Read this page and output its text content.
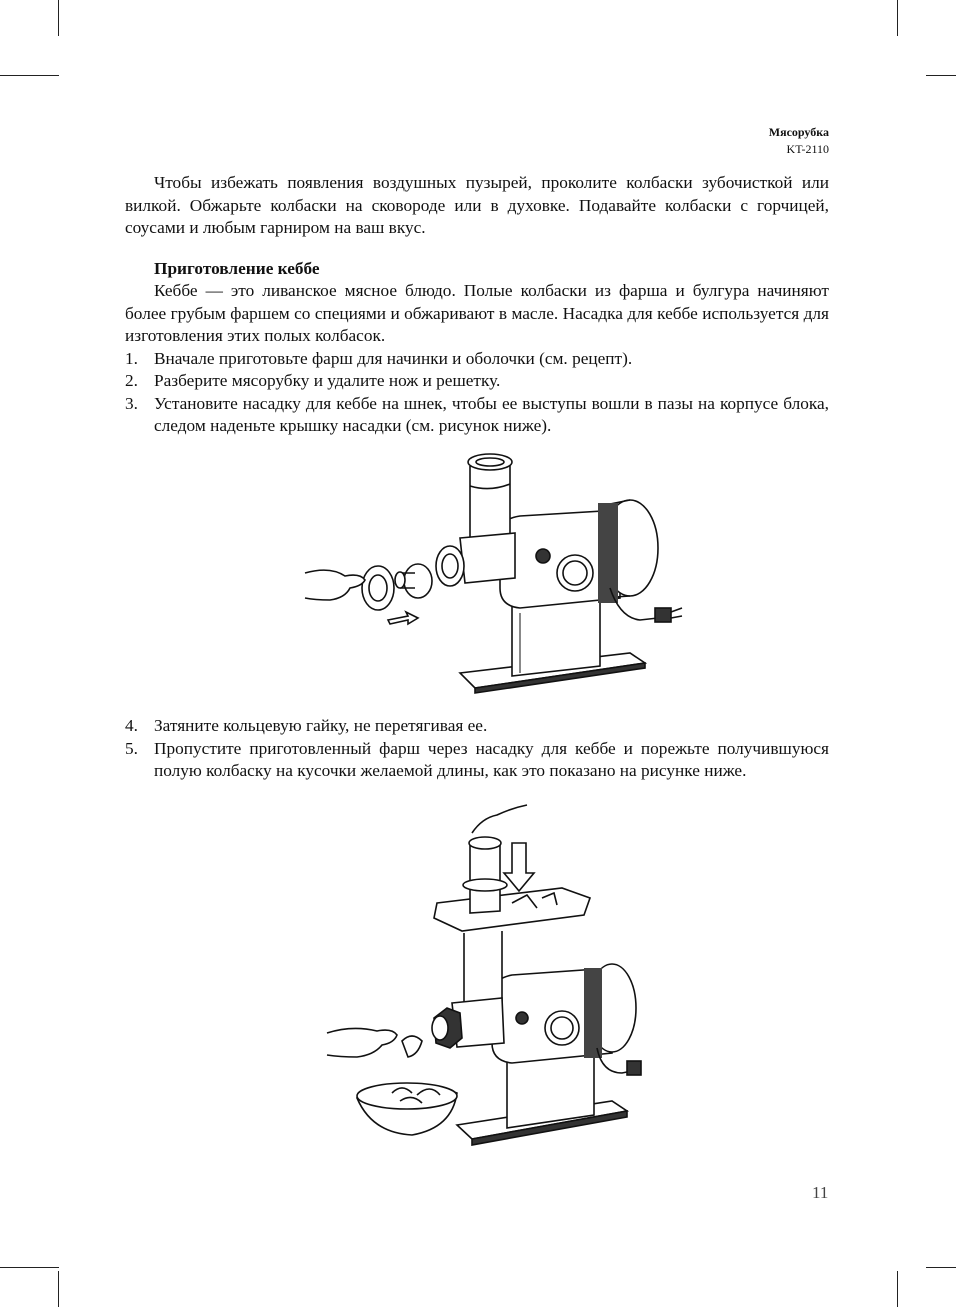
Мясорубка
KT-2110

Чтобы избежать появления воздушных пузырей, проколите колбаски зубочисткой или вилкой. Обжарьте колбаски на сковороде или в духовке. Подавайте колбаски с горчицей, соусами и любым гарниром на ваш вкус.

Приготовление кеббе

Кеббе — это ливанское мясное блюдо. Полые колбаски из фарша и булгура начиняют более грубым фаршем со специями и обжаривают в масле. Насадка для кеббе используется для изготовления этих полых колбасок.

1. Вначале приготовьте фарш для начинки и оболочки (см. рецепт).
2. Разберите мясорубку и удалите нож и решетку.
3. Установите насадку для кеббе на шнек, чтобы ее выступы вошли в пазы на корпусе блока, следом наденьте крышку насадки (см. рисунок ниже).
4. Затяните кольцевую гайку, не перетягивая ее.
5. Пропустите приготовленный фарш через насадку для кеббе и порежьте получившуюся полую колбаску на кусочки желаемой длины, как это показано на рисунке ниже.
11
